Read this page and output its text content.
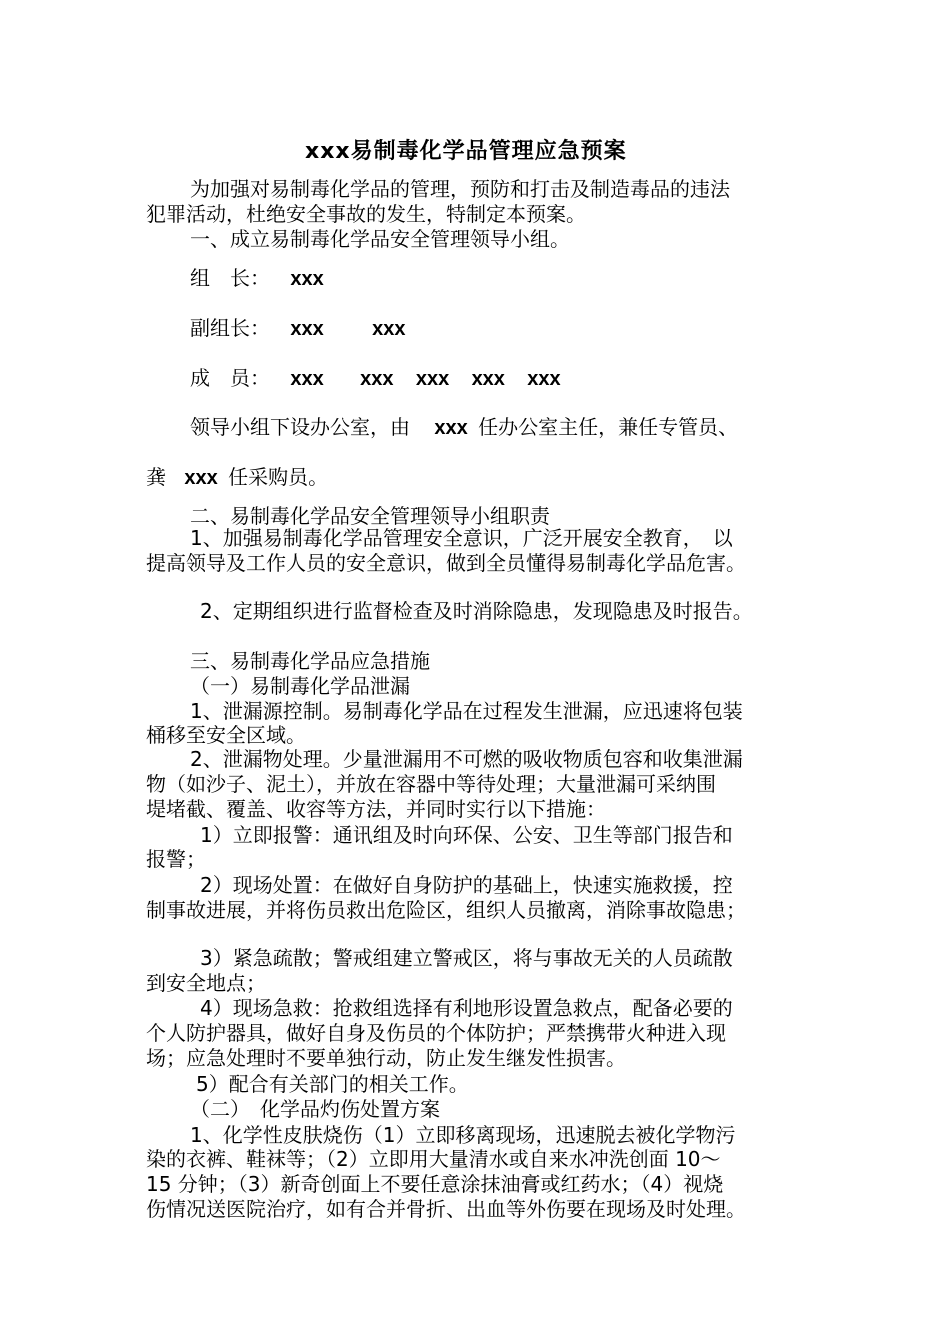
xxx易制毒化学品管理应急预案
为加强对易制毒化学品的管理，预防和打击及制造毒品的违法
犯罪活动，杜绝安全事故的发生，特制定本预案。
一、成立易制毒化学品安全管理领导小组。
组　长： xxx
副组长： xxx xxx
成　员： xxx xxx xxx xxx xxx
领导小组下设办公室，由 xxx 任办公室主任，兼任专管员、
龚 xxx 任采购员。
二、易制毒化学品安全管理领导小组职责
1、加强易制毒化学品管理安全意识，广泛开展安全教育，　以
提高领导及工作人员的安全意识，做到全员懂得易制毒化学品危害。
2、定期组织进行监督检查及时消除隐患，发现隐患及时报告。
三、易制毒化学品应急措施
（一）易制毒化学品泄漏
1、泄漏源控制。易制毒化学品在过程发生泄漏，应迅速将包装
桶移至安全区域。
2、泄漏物处理。少量泄漏用不可燃的吸收物质包容和收集泄漏
物（如沙子、泥土），并放在容器中等待处理；大量泄漏可采纳围
堤堵截、覆盖、收容等方法，并同时实行以下措施：
1）立即报警：通讯组及时向环保、公安、卫生等部门报告和
报警；
2）现场处置：在做好自身防护的基础上，快速实施救援，控
制事故进展，并将伤员救出危险区，组织人员撤离，消除事故隐患；
3）紧急疏散；警戒组建立警戒区，将与事故无关的人员疏散
到安全地点；
4）现场急救：抢救组选择有利地形设置急救点，配备必要的
个人防护器具，做好自身及伤员的个体防护；严禁携带火种进入现
场；应急处理时不要单独行动，防止发生继发性损害。
5）配合有关部门的相关工作。
（二）　化学品灼伤处置方案
1、化学性皮肤烧伤（1）立即移离现场，迅速脱去被化学物污
染的衣裤、鞋袜等；（2）立即用大量清水或自来水冲洗创面 10～
15 分钟；（3）新奇创面上不要任意涂抹油膏或红药水；（4）视烧
伤情况送医院治疗，如有合并骨折、出血等外伤要在现场及时处理。
